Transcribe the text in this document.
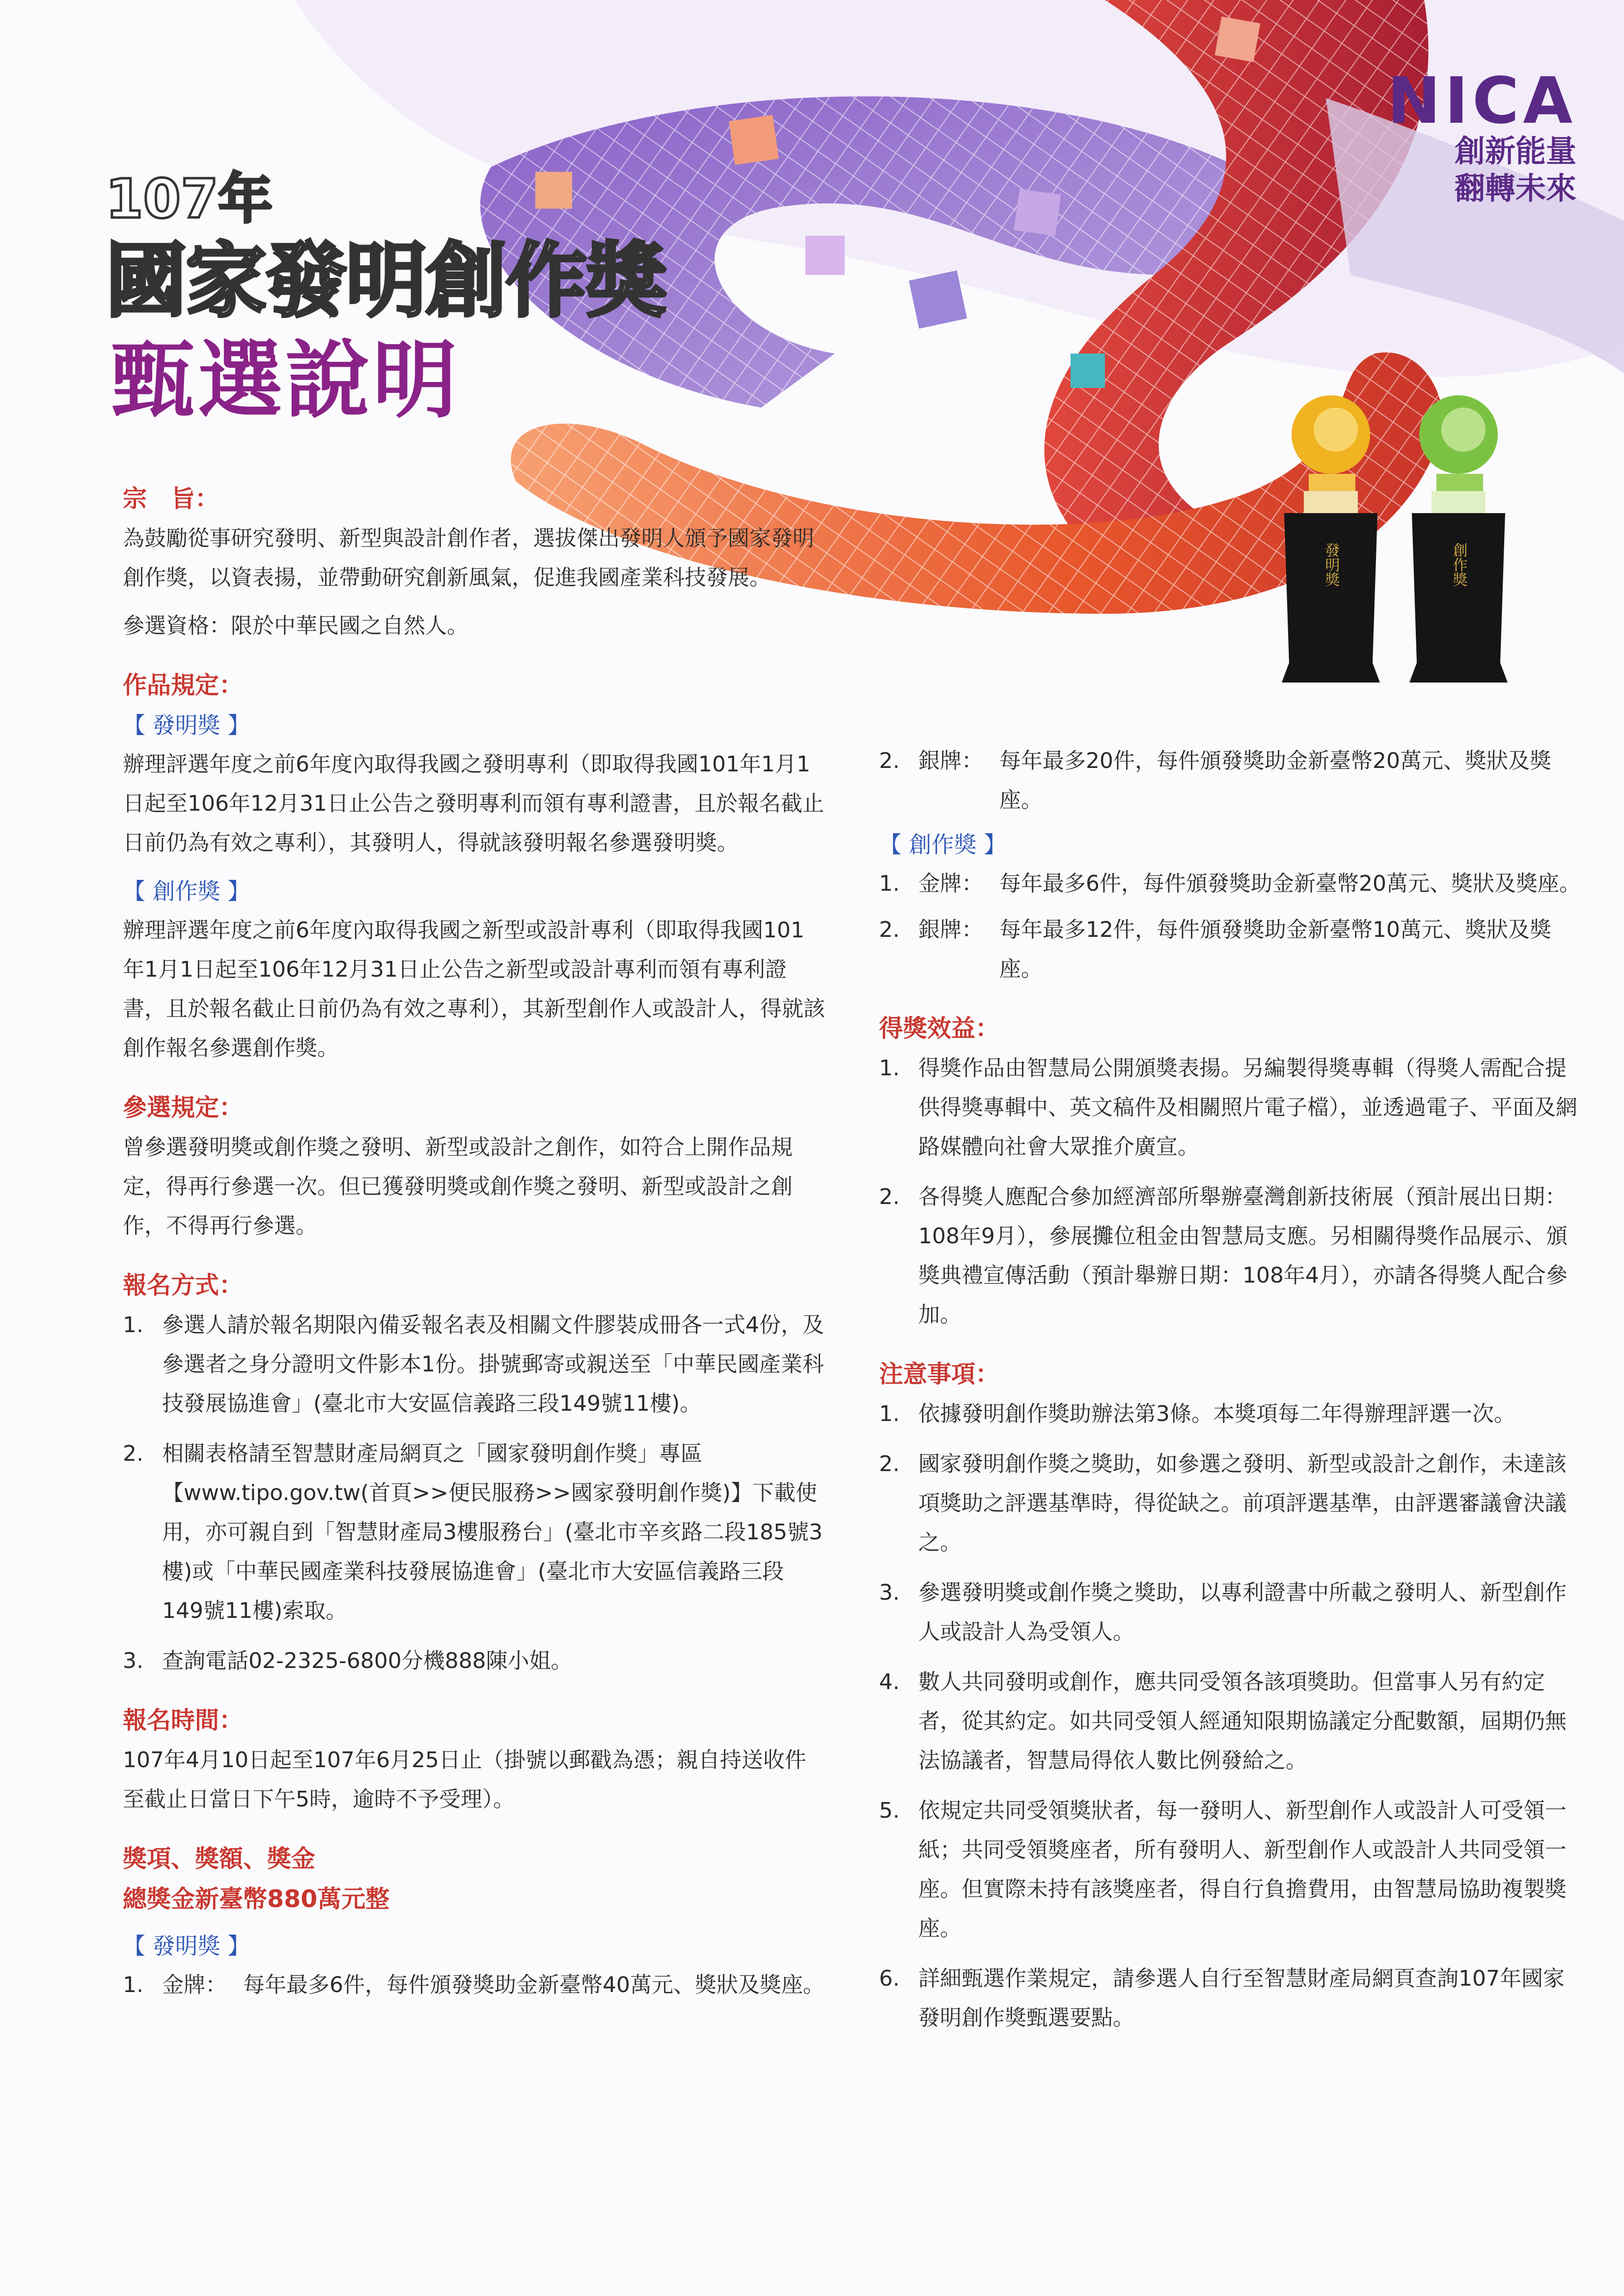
NICA
創新能量
翻轉未來
107年
國家發明創作獎
甄選說明
發明獎	創作獎
宗　旨：

為鼓勵從事研究發明、新型與設計創作者，選拔傑出發明人頒予國家發明創作獎，以資表揚，並帶動研究創新風氣，促進我國產業科技發展。

參選資格：限於中華民國之自然人。

作品規定：
【 發明獎 】

辦理評選年度之前6年度內取得我國之發明專利（即取得我國101年1月1日起至106年12月31日止公告之發明專利而領有專利證書，且於報名截止日前仍為有效之專利），其發明人，得就該發明報名參選發明獎。

【 創作獎 】

辦理評選年度之前6年度內取得我國之新型或設計專利（即取得我國101年1月1日起至106年12月31日止公告之新型或設計專利而領有專利證書，且於報名截止日前仍為有效之專利），其新型創作人或設計人，得就該創作報名參選創作獎。

參選規定：

曾參選發明獎或創作獎之發明、新型或設計之創作，如符合上開作品規定，得再行參選一次。但已獲發明獎或創作獎之發明、新型或設計之創作，不得再行參選。

報名方式：
1. 參選人請於報名期限內備妥報名表及相關文件膠裝成冊各一式4份，及參選者之身分證明文件影本1份。掛號郵寄或親送至「中華民國產業科技發展協進會」(臺北市大安區信義路三段149號11樓)。
2. 相關表格請至智慧財產局網頁之「國家發明創作獎」專區【www.tipo.gov.tw(首頁>>便民服務>>國家發明創作獎)】下載使用，亦可親自到「智慧財產局3樓服務台」(臺北市辛亥路二段185號3樓)或「中華民國產業科技發展協進會」(臺北市大安區信義路三段149號11樓)索取。
3. 查詢電話02-2325-6800分機888陳小姐。
報名時間：

107年4月10日起至107年6月25日止（掛號以郵戳為憑；親自持送收件至截止日當日下午5時，逾時不予受理）。

獎項、獎額、獎金
總獎金新臺幣880萬元整
【 發明獎 】
1. 金牌： 每年最多6件，每件頒發獎助金新臺幣40萬元、獎狀及獎座。
2. 銀牌： 每年最多20件，每件頒發獎助金新臺幣20萬元、獎狀及獎座。
【 創作獎 】
1. 金牌： 每年最多6件，每件頒發獎助金新臺幣20萬元、獎狀及獎座。
2. 銀牌： 每年最多12件，每件頒發獎助金新臺幣10萬元、獎狀及獎座。
得獎效益：
1. 得獎作品由智慧局公開頒獎表揚。另編製得獎專輯（得獎人需配合提供得獎專輯中、英文稿件及相關照片電子檔），並透過電子、平面及網路媒體向社會大眾推介廣宣。
2. 各得獎人應配合參加經濟部所舉辦臺灣創新技術展（預計展出日期：108年9月），參展攤位租金由智慧局支應。另相關得獎作品展示、頒獎典禮宣傳活動（預計舉辦日期：108年4月），亦請各得獎人配合參加。
注意事項：
1. 依據發明創作獎助辦法第3條。本獎項每二年得辦理評選一次。
2. 國家發明創作獎之獎助，如參選之發明、新型或設計之創作，未達該項獎助之評選基準時，得從缺之。前項評選基準，由評選審議會決議之。
3. 參選發明獎或創作獎之獎助，以專利證書中所載之發明人、新型創作人或設計人為受領人。
4. 數人共同發明或創作，應共同受領各該項獎助。但當事人另有約定者，從其約定。如共同受領人經通知限期協議定分配數額，屆期仍無法協議者，智慧局得依人數比例發給之。
5. 依規定共同受領獎狀者，每一發明人、新型創作人或設計人可受領一紙；共同受領獎座者，所有發明人、新型創作人或設計人共同受領一座。但實際未持有該獎座者，得自行負擔費用，由智慧局協助複製獎座。
6. 詳細甄選作業規定，請參選人自行至智慧財產局網頁查詢107年國家發明創作獎甄選要點。
